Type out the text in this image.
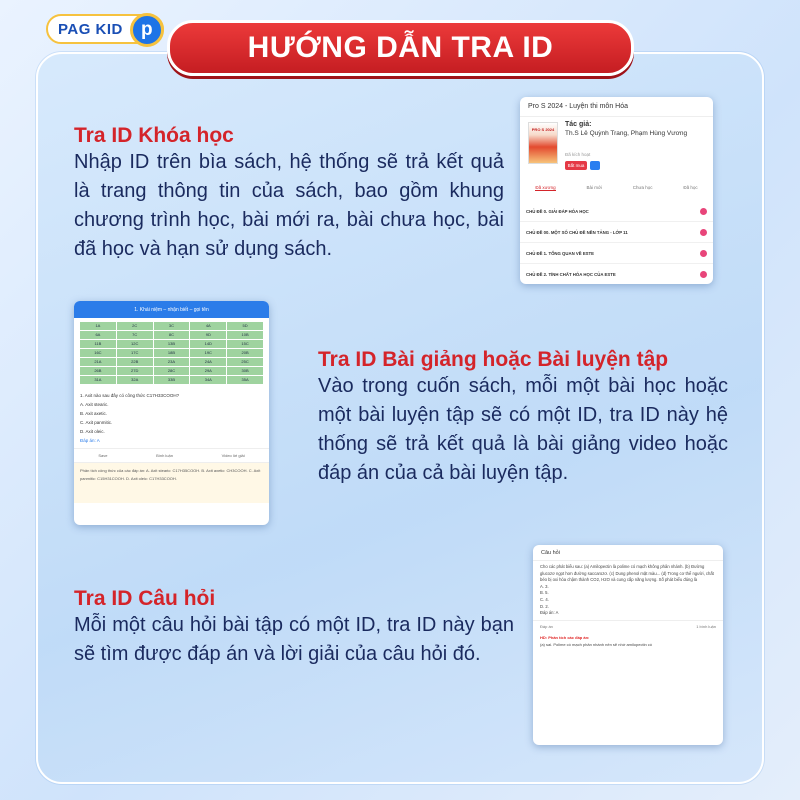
PAG KID p
HƯỚNG DẪN TRA ID
Tra ID Khóa học
Nhập ID trên bìa sách, hệ thống sẽ trả kết quả là trang thông tin của sách, bao gồm khung chương trình học, bài mới ra, bài chưa học, bài đã học và hạn sử dụng sách.
Tra ID Bài giảng hoặc Bài luyện tập
Vào trong cuốn sách, mỗi một bài học hoặc một bài luyện tập sẽ có một ID, tra ID này hệ thống sẽ trả kết quả là bài giảng video hoặc đáp án của cả bài luyện tập.
Tra ID Câu hỏi
Mỗi một câu hỏi bài tập có một ID, tra ID này bạn sẽ tìm được đáp án và lời giải của câu hỏi đó.
Pro S 2024 - Luyện thi môn Hóa
PRO S 2024
Tác giả:
Th.S Lê Quỳnh Trang, Phạm Hùng Vương
Đã kích hoạt
Bắt mua
Đã xương	Bài mới	Chưa học	Đã học
CHỦ ĐỀ 0. GIẢI ĐÁP HÓA HỌC
CHỦ ĐỀ 00. MỘT SỐ CHỦ ĐỀ NỀN TẢNG - LỚP 11
CHỦ ĐỀ 1. TỔNG QUAN VỀ ESTE
CHỦ ĐỀ 2. TÍNH CHẤT HÓA HỌC CỦA ESTE
1. Khái niệm – nhận biết – gọi tên
1A	2C	3C	4A	5D
6A	7C	8C	9D	10B
11B	12C	13B	14D	15C
16C	17C	18B	19C	20B
21A	22B	23A	24A	25C
26B	27D	28C	29A	30B
31A	32A	33B	34A	35A
1. Axit nào sau đây có công thức C17H33COOH?
A. Axit stearic.
B. Axit axetic.
C. Axit panmitic.
D. Axit oleic.
Đáp án: A
Save	Bình luận	Video lời giải
Phân tích công thức của các đáp án: A. Axit stearic: C17H35COOH. B. Axit axetic: CH3COOH. C. Axit panmitic: C15H31COOH. D. Axit oleic: C17H33COOH.
Câu hỏi
Cho các phát biểu sau: (a) Amilopectin là polime có mạch không phân nhánh. (b) Đường glucozơ ngọt hơn đường saccarozơ. (c) Dung phenol mặt màu... (d) Trong cơ thể người, chất béo bị oxi hóa chậm thành CO2, H2O và cung cấp năng lượng. Số phát biểu đúng là
A. 3.
B. 5.
C. 4.
D. 2.
Đáp án: A
Đáp án	1 bình luận
HD: Phân tích các đáp án:
(a) sai. Polime có mạch phân nhánh nên sẽ nhớ amilopectin có
